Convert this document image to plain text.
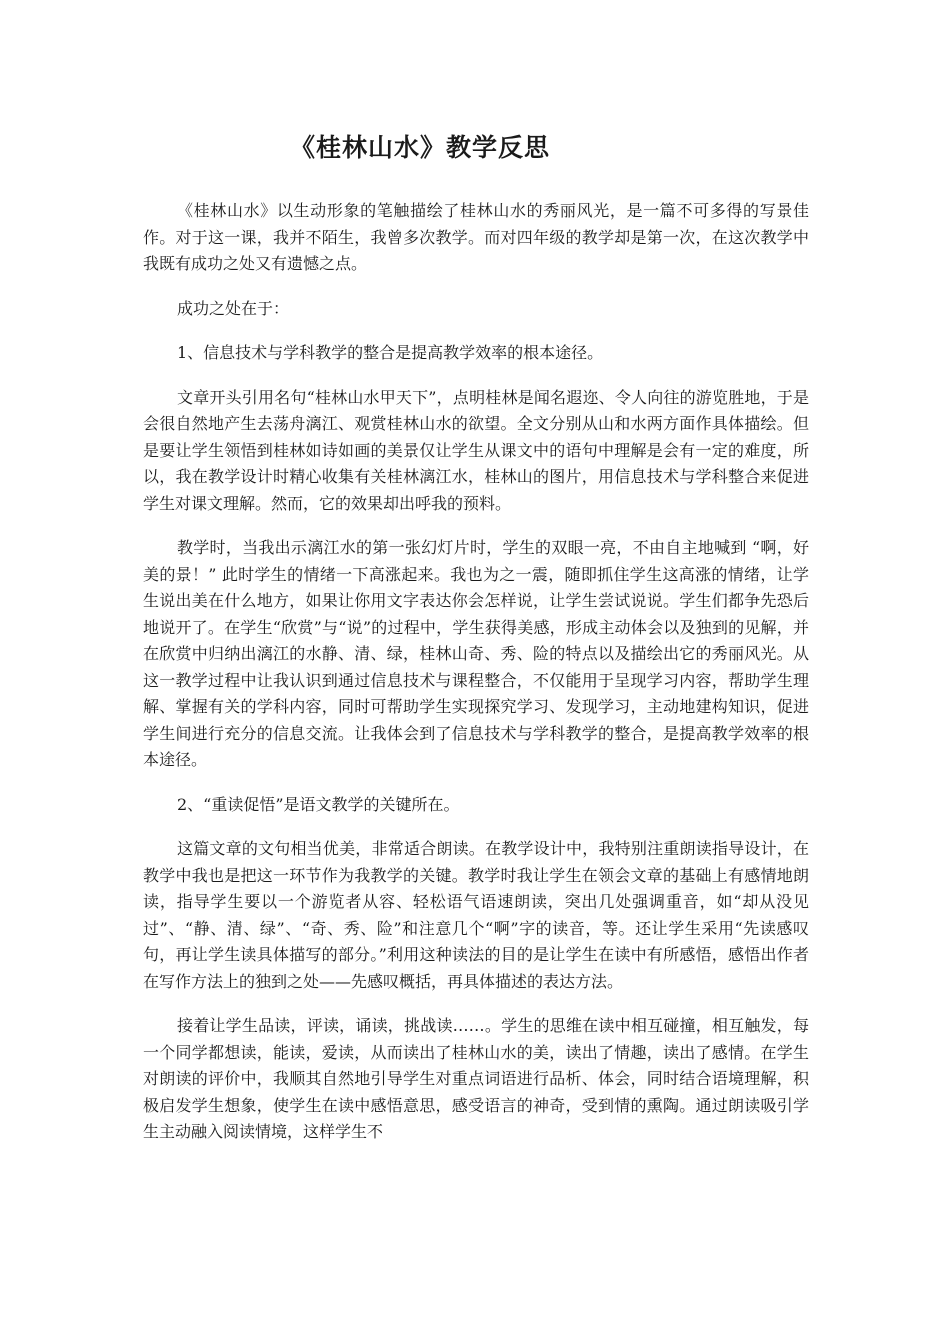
《桂林山水》教学反思

《桂林山水》以生动形象的笔触描绘了桂林山水的秀丽风光，是一篇不可多得的写景佳作。对于这一课，我并不陌生，我曾多次教学。而对四年级的教学却是第一次，在这次教学中我既有成功之处又有遗憾之点。

成功之处在于：

1、信息技术与学科教学的整合是提高教学效率的根本途径。

文章开头引用名句“桂林山水甲天下”，点明桂林是闻名遐迩、令人向往的游览胜地，于是会很自然地产生去荡舟漓江、观赏桂林山水的欲望。全文分别从山和水两方面作具体描绘。但是要让学生领悟到桂林如诗如画的美景仅让学生从课文中的语句中理解是会有一定的难度，所以，我在教学设计时精心收集有关桂林漓江水，桂林山的图片，用信息技术与学科整合来促进学生对课文理解。然而，它的效果却出呼我的预料。

教学时，当我出示漓江水的第一张幻灯片时，学生的双眼一亮，不由自主地喊到 “啊，好美的景！” 此时学生的情绪一下高涨起来。我也为之一震，随即抓住学生这高涨的情绪，让学生说出美在什么地方，如果让你用文字表达你会怎样说，让学生尝试说说。学生们都争先恐后地说开了。在学生“欣赏”与“说”的过程中，学生获得美感，形成主动体会以及独到的见解，并在欣赏中归纳出漓江的水静、清、绿，桂林山奇、秀、险的特点以及描绘出它的秀丽风光。从这一教学过程中让我认识到通过信息技术与课程整合，不仅能用于呈现学习内容，帮助学生理解、掌握有关的学科内容，同时可帮助学生实现探究学习、发现学习，主动地建构知识，促进学生间进行充分的信息交流。让我体会到了信息技术与学科教学的整合，是提高教学效率的根本途径。

2、“重读促悟”是语文教学的关键所在。

这篇文章的文句相当优美，非常适合朗读。在教学设计中，我特别注重朗读指导设计，在教学中我也是把这一环节作为我教学的关键。教学时我让学生在领会文章的基础上有感情地朗读，指导学生要以一个游览者从容、轻松语气语速朗读，突出几处强调重音，如“却从没见过”、“静、清、绿”、“奇、秀、险”和注意几个“啊”字的读音，等。还让学生采用“先读感叹句，再让学生读具体描写的部分。”利用这种读法的目的是让学生在读中有所感悟，感悟出作者在写作方法上的独到之处——先感叹概括，再具体描述的表达方法。

接着让学生品读，评读，诵读，挑战读……。学生的思维在读中相互碰撞，相互触发，每一个同学都想读，能读，爱读，从而读出了桂林山水的美，读出了情趣，读出了感情。在学生对朗读的评价中，我顺其自然地引导学生对重点词语进行品析、体会，同时结合语境理解，积极启发学生想象，使学生在读中感悟意思，感受语言的神奇，受到情的熏陶。通过朗读吸引学生主动融入阅读情境，这样学生不
